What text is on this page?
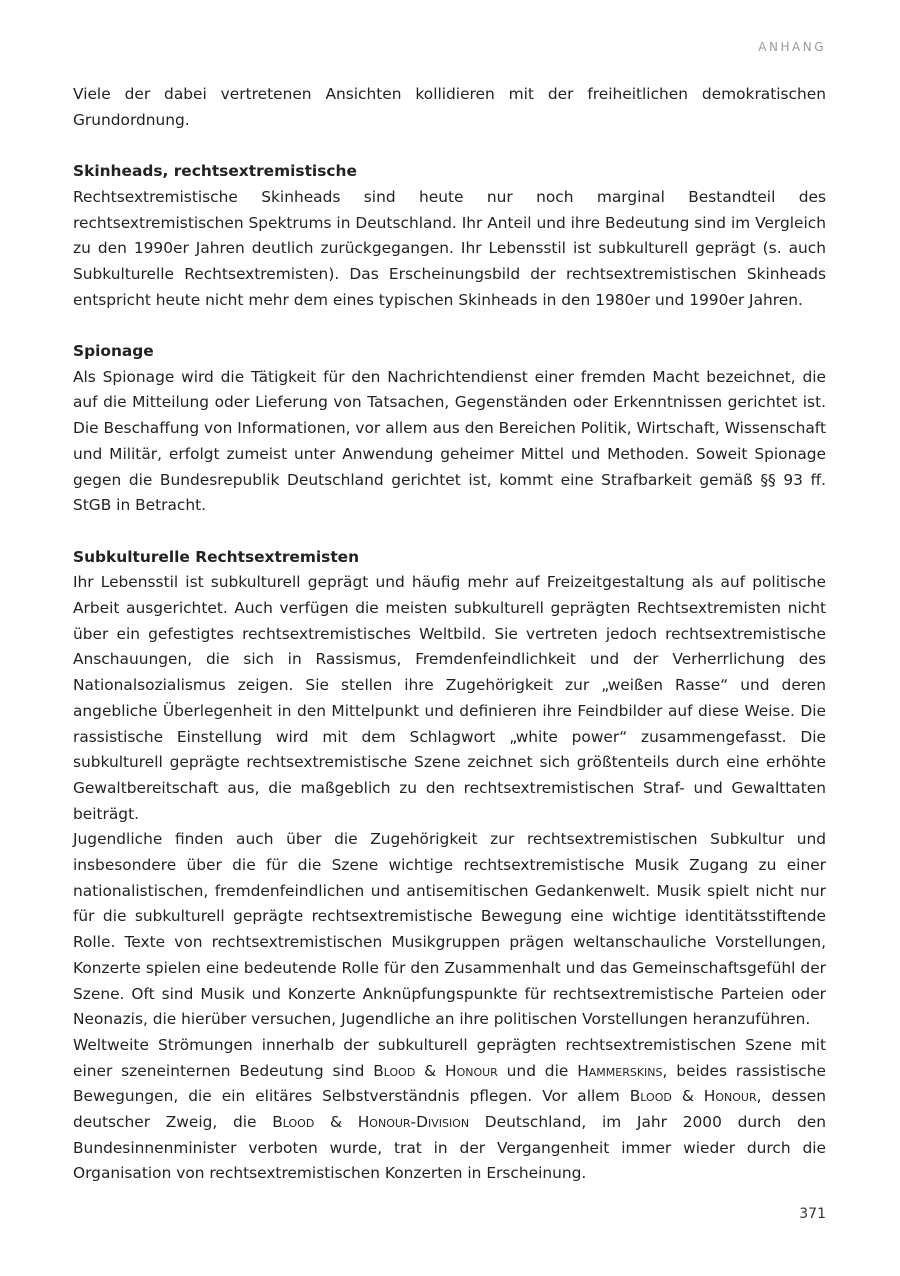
ANHANG

Viele der dabei vertretenen Ansichten kollidieren mit der freiheitlichen demokratischen Grundordnung.

Skinheads, rechtsextremistische

Rechtsextremistische Skinheads sind heute nur noch marginal Bestandteil des rechtsextremistischen Spektrums in Deutschland. Ihr Anteil und ihre Bedeutung sind im Vergleich zu den 1990er Jahren deutlich zurückgegangen. Ihr Lebensstil ist subkulturell geprägt (s. auch Subkulturelle Rechtsextremisten). Das Erscheinungsbild der rechtsextremistischen Skinheads entspricht heute nicht mehr dem eines typischen Skinheads in den 1980er und 1990er Jahren.

Spionage

Als Spionage wird die Tätigkeit für den Nachrichtendienst einer fremden Macht bezeichnet, die auf die Mitteilung oder Lieferung von Tatsachen, Gegenständen oder Erkenntnissen gerichtet ist. Die Beschaffung von Informationen, vor allem aus den Bereichen Politik, Wirtschaft, Wissenschaft und Militär, erfolgt zumeist unter Anwendung geheimer Mittel und Methoden. Soweit Spionage gegen die Bundesrepublik Deutschland gerichtet ist, kommt eine Strafbarkeit gemäß §§ 93 ff. StGB in Betracht.

Subkulturelle Rechtsextremisten

Ihr Lebensstil ist subkulturell geprägt und häufig mehr auf Freizeitgestaltung als auf politische Arbeit ausgerichtet. Auch verfügen die meisten subkulturell geprägten Rechtsextremisten nicht über ein gefestigtes rechtsextremistisches Weltbild. Sie vertreten jedoch rechtsextremistische Anschauungen, die sich in Rassismus, Fremdenfeindlichkeit und der Verherrlichung des Nationalsozialismus zeigen. Sie stellen ihre Zugehörigkeit zur „weißen Rasse“ und deren angebliche Überlegenheit in den Mittelpunkt und definieren ihre Feindbilder auf diese Weise. Die rassistische Einstellung wird mit dem Schlagwort „white power“ zusammengefasst. Die subkulturell geprägte rechtsextremistische Szene zeichnet sich größtenteils durch eine erhöhte Gewaltbereitschaft aus, die maßgeblich zu den rechtsextremistischen Straf- und Gewalttaten beiträgt.

Jugendliche finden auch über die Zugehörigkeit zur rechtsextremistischen Subkultur und insbesondere über die für die Szene wichtige rechtsextremistische Musik Zugang zu einer nationalistischen, fremdenfeindlichen und antisemitischen Gedankenwelt. Musik spielt nicht nur für die subkulturell geprägte rechtsextremistische Bewegung eine wichtige identitätsstiftende Rolle. Texte von rechtsextremistischen Musikgruppen prägen weltanschauliche Vorstellungen, Konzerte spielen eine bedeutende Rolle für den Zusammenhalt und das Gemeinschaftsgefühl der Szene. Oft sind Musik und Konzerte Anknüpfungspunkte für rechtsextremistische Parteien oder Neonazis, die hierüber versuchen, Jugendliche an ihre politischen Vorstellungen heranzuführen.

Weltweite Strömungen innerhalb der subkulturell geprägten rechtsextremistischen Szene mit einer szeneinternen Bedeutung sind Blood & Honour und die Hammerskins, beides rassistische Bewegungen, die ein elitäres Selbstverständnis pflegen. Vor allem Blood & Honour, dessen deutscher Zweig, die Blood & Honour-Division Deutschland, im Jahr 2000 durch den Bundesinnenminister verboten wurde, trat in der Vergangenheit immer wieder durch die Organisation von rechtsextremistischen Konzerten in Erscheinung.

371
